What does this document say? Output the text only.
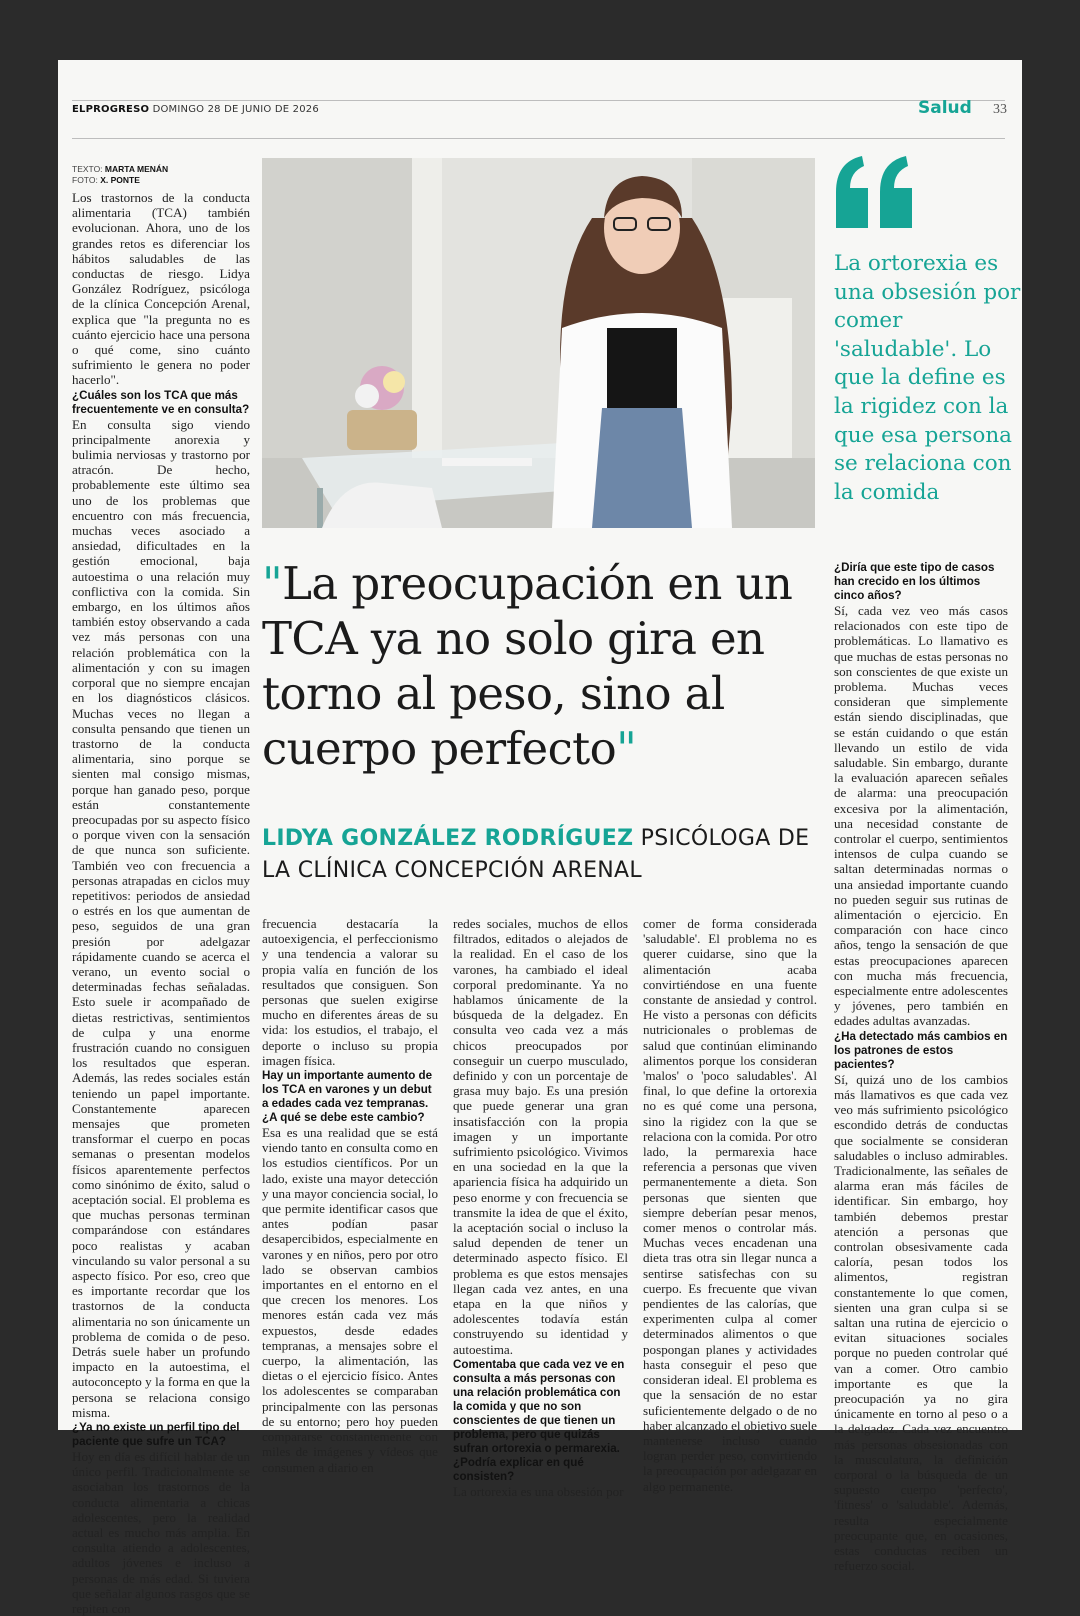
ELPROGRESO DOMINGO 28 DE JUNIO DE 2026	Salud 33
TEXTO: MARTA MENÁN
FOTO: X. PONTE

Los trastornos de la conducta alimentaria (TCA) también evolucionan. Ahora, uno de los grandes retos es diferenciar los hábitos saludables de las conductas de riesgo. Lidya González Rodríguez, psicóloga de la clínica Concepción Arenal, explica que "la pregunta no es cuánto ejercicio hace una persona o qué come, sino cuánto sufrimiento le genera no poder hacerlo".

¿Cuáles son los TCA que más frecuentemente ve en consulta?

En consulta sigo viendo principalmente anorexia y bulimia nerviosas y trastorno por atracón. De hecho, probablemente este último sea uno de los problemas que encuentro con más frecuencia, muchas veces asociado a ansiedad, dificultades en la gestión emocional, baja autoestima o una relación muy conflictiva con la comida. Sin embargo, en los últimos años también estoy observando a cada vez más personas con una relación problemática con la alimentación y con su imagen corporal que no siempre encajan en los diagnósticos clásicos. Muchas veces no llegan a consulta pensando que tienen un trastorno de la conducta alimentaria, sino porque se sienten mal consigo mismas, porque han ganado peso, porque están constantemente preocupadas por su aspecto físico o porque viven con la sensación de que nunca son suficiente. También veo con frecuencia a personas atrapadas en ciclos muy repetitivos: periodos de ansiedad o estrés en los que aumentan de peso, seguidos de una gran presión por adelgazar rápidamente cuando se acerca el verano, un evento social o determinadas fechas señaladas. Esto suele ir acompañado de dietas restrictivas, sentimientos de culpa y una enorme frustración cuando no consiguen los resultados que esperan. Además, las redes sociales están teniendo un papel importante. Constantemente aparecen mensajes que prometen transformar el cuerpo en pocas semanas o presentan modelos físicos aparentemente perfectos como sinónimo de éxito, salud o aceptación social. El problema es que muchas personas terminan comparándose con estándares poco realistas y acaban vinculando su valor personal a su aspecto físico. Por eso, creo que es importante recordar que los trastornos de la conducta alimentaria no son únicamente un problema de comida o de peso. Detrás suele haber un profundo impacto en la autoestima, el autoconcepto y la forma en que la persona se relaciona consigo misma.

¿Ya no existe un perfil tipo del paciente que sufre un TCA?

Hoy en día es difícil hablar de un único perfil. Tradicionalmente se asociaban los trastornos de la conducta alimentaria a chicas adolescentes, pero la realidad actual es mucho más amplia. En consulta atiendo a adolescentes, adultos jóvenes e incluso a personas de más edad. Si tuviera que señalar algunos rasgos que se repiten con

La ortorexia es una obsesión por comer 'saludable'. Lo que la define es la rigidez con la que esa persona se relaciona con la comida
"La preocupación en un TCA ya no solo gira en torno al peso, sino al cuerpo perfecto"
LIDYA GONZÁLEZ RODRÍGUEZ PSICÓLOGA DE LA CLÍNICA CONCEPCIÓN ARENAL

frecuencia destacaría la autoexigencia, el perfeccionismo y una tendencia a valorar su propia valía en función de los resultados que consiguen. Son personas que suelen exigirse mucho en diferentes áreas de su vida: los estudios, el trabajo, el deporte o incluso su propia imagen física.

Hay un importante aumento de los TCA en varones y un debut a edades cada vez tempranas. ¿A qué se debe este cambio?

Esa es una realidad que se está viendo tanto en consulta como en los estudios científicos. Por un lado, existe una mayor detección y una mayor conciencia social, lo que permite identificar casos que antes podían pasar desapercibidos, especialmente en varones y en niños, pero por otro lado se observan cambios importantes en el entorno en el que crecen los menores. Los menores están cada vez más expuestos, desde edades tempranas, a mensajes sobre el cuerpo, la alimentación, las dietas o el ejercicio físico. Antes los adolescentes se comparaban principalmente con las personas de su entorno; pero hoy pueden compararse constantemente con miles de imágenes y vídeos que consumen a diario en

redes sociales, muchos de ellos filtrados, editados o alejados de la realidad. En el caso de los varones, ha cambiado el ideal corporal predominante. Ya no hablamos únicamente de la búsqueda de la delgadez. En consulta veo cada vez a más chicos preocupados por conseguir un cuerpo musculado, definido y con un porcentaje de grasa muy bajo. Es una presión que puede generar una gran insatisfacción con la propia imagen y un importante sufrimiento psicológico. Vivimos en una sociedad en la que la apariencia física ha adquirido un peso enorme y con frecuencia se transmite la idea de que el éxito, la aceptación social o incluso la salud dependen de tener un determinado aspecto físico. El problema es que estos mensajes llegan cada vez antes, en una etapa en la que niños y adolescentes todavía están construyendo su identidad y autoestima.

Comentaba que cada vez ve en consulta a más personas con una relación problemática con la comida y que no son conscientes de que tienen un problema, pero que quizás sufran ortorexia o permarexia. ¿Podría explicar en qué consisten?

La ortorexia es una obsesión por

comer de forma considerada 'saludable'. El problema no es querer cuidarse, sino que la alimentación acaba convirtiéndose en una fuente constante de ansiedad y control. He visto a personas con déficits nutricionales o problemas de salud que continúan eliminando alimentos porque los consideran 'malos' o 'poco saludables'. Al final, lo que define la ortorexia no es qué come una persona, sino la rigidez con la que se relaciona con la comida. Por otro lado, la permarexia hace referencia a personas que viven permanentemente a dieta. Son personas que sienten que siempre deberían pesar menos, comer menos o controlar más. Muchas veces encadenan una dieta tras otra sin llegar nunca a sentirse satisfechas con su cuerpo. Es frecuente que vivan pendientes de las calorías, que experimenten culpa al comer determinados alimentos o que pospongan planes y actividades hasta conseguir el peso que consideran ideal. El problema es que la sensación de no estar suficientemente delgado o de no haber alcanzado el objetivo suele mantenerse incluso cuando logran perder peso, convirtiendo la preocupación por adelgazar en algo permanente.

¿Diría que este tipo de casos han crecido en los últimos cinco años?

Sí, cada vez veo más casos relacionados con este tipo de problemáticas. Lo llamativo es que muchas de estas personas no son conscientes de que existe un problema. Muchas veces consideran que simplemente están siendo disciplinadas, que se están cuidando o que están llevando un estilo de vida saludable. Sin embargo, durante la evaluación aparecen señales de alarma: una preocupación excesiva por la alimentación, una necesidad constante de controlar el cuerpo, sentimientos intensos de culpa cuando se saltan determinadas normas o una ansiedad importante cuando no pueden seguir sus rutinas de alimentación o ejercicio. En comparación con hace cinco años, tengo la sensación de que estas preocupaciones aparecen con mucha más frecuencia, especialmente entre adolescentes y jóvenes, pero también en edades adultas avanzadas.

¿Ha detectado más cambios en los patrones de estos pacientes?

Sí, quizá uno de los cambios más llamativos es que cada vez veo más sufrimiento psicológico escondido detrás de conductas que socialmente se consideran saludables o incluso admirables. Tradicionalmente, las señales de alarma eran más fáciles de identificar. Sin embargo, hoy también debemos prestar atención a personas que controlan obsesivamente cada caloría, pesan todos los alimentos, registran constantemente lo que comen, sienten una gran culpa si se saltan una rutina de ejercicio o evitan situaciones sociales porque no pueden controlar qué van a comer. Otro cambio importante es que la preocupación ya no gira únicamente en torno al peso o a la delgadez. Cada vez encuentro más personas obsesionadas con la musculatura, la definición corporal o la búsqueda de un supuesto cuerpo 'perfecto', 'fitness' o 'saludable'. Además, resulta especialmente preocupante que, en ocasiones, estas conductas reciben un refuerzo social.
